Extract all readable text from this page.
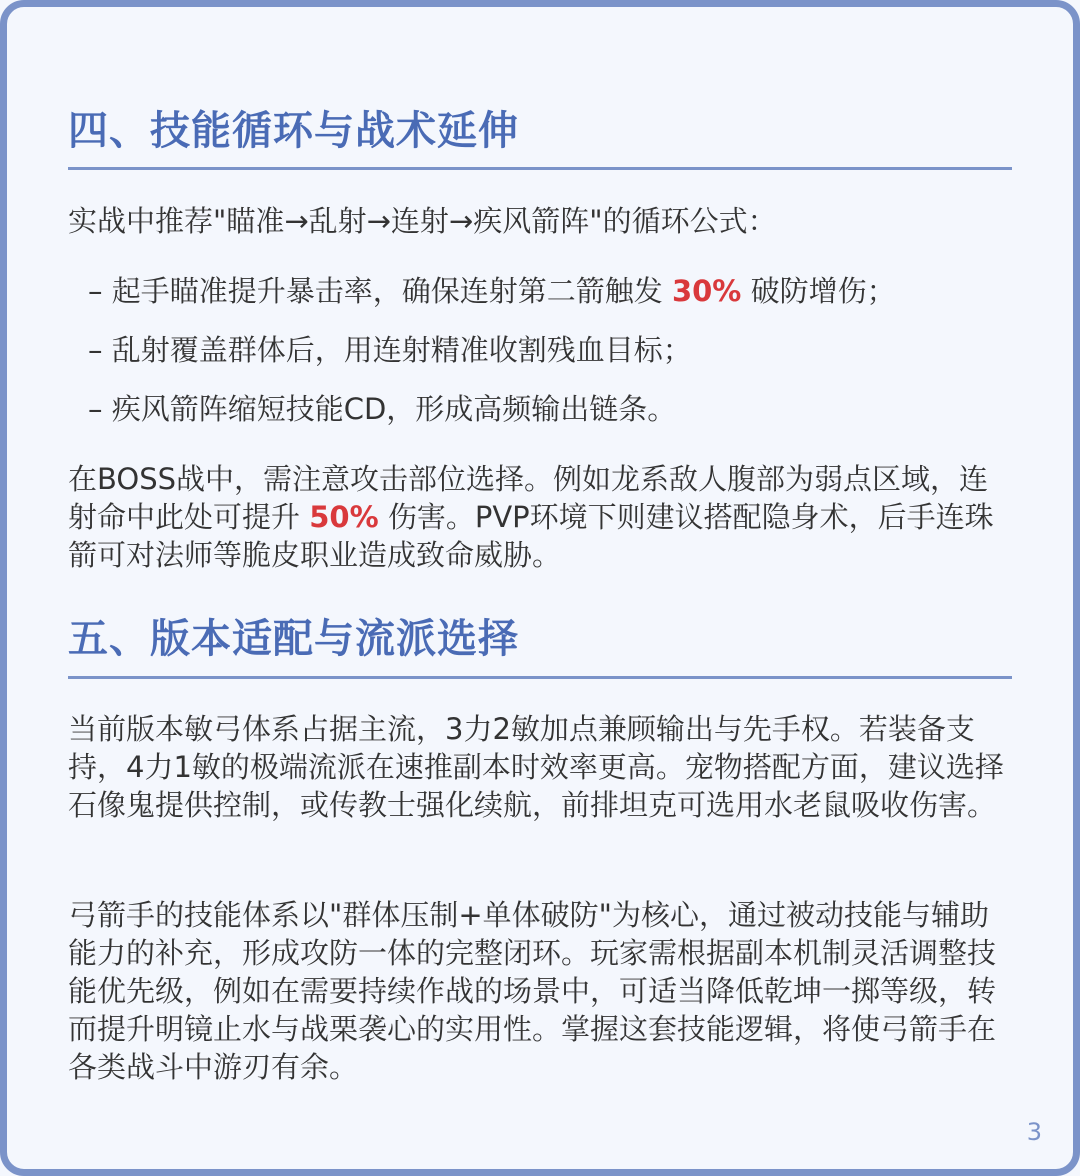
四、技能循环与战术延伸
实战中推荐"瞄准→乱射→连射→疾风箭阵"的循环公式：
– 起手瞄准提升暴击率，确保连射第二箭触发 30% 破防增伤；
– 乱射覆盖群体后，用连射精准收割残血目标；
– 疾风箭阵缩短技能CD，形成高频输出链条。
在BOSS战中，需注意攻击部位选择。例如龙系敌人腹部为弱点区域，连射命中此处可提升 50% 伤害。PVP环境下则建议搭配隐身术，后手连珠箭可对法师等脆皮职业造成致命威胁。
五、版本适配与流派选择
当前版本敏弓体系占据主流，3力2敏加点兼顾输出与先手权。若装备支持，4力1敏的极端流派在速推副本时效率更高。宠物搭配方面，建议选择石像鬼提供控制，或传教士强化续航，前排坦克可选用水老鼠吸收伤害。
弓箭手的技能体系以"群体压制+单体破防"为核心，通过被动技能与辅助能力的补充，形成攻防一体的完整闭环。玩家需根据副本机制灵活调整技能优先级，例如在需要持续作战的场景中，可适当降低乾坤一掷等级，转而提升明镜止水与战栗袭心的实用性。掌握这套技能逻辑，将使弓箭手在各类战斗中游刃有余。
3
